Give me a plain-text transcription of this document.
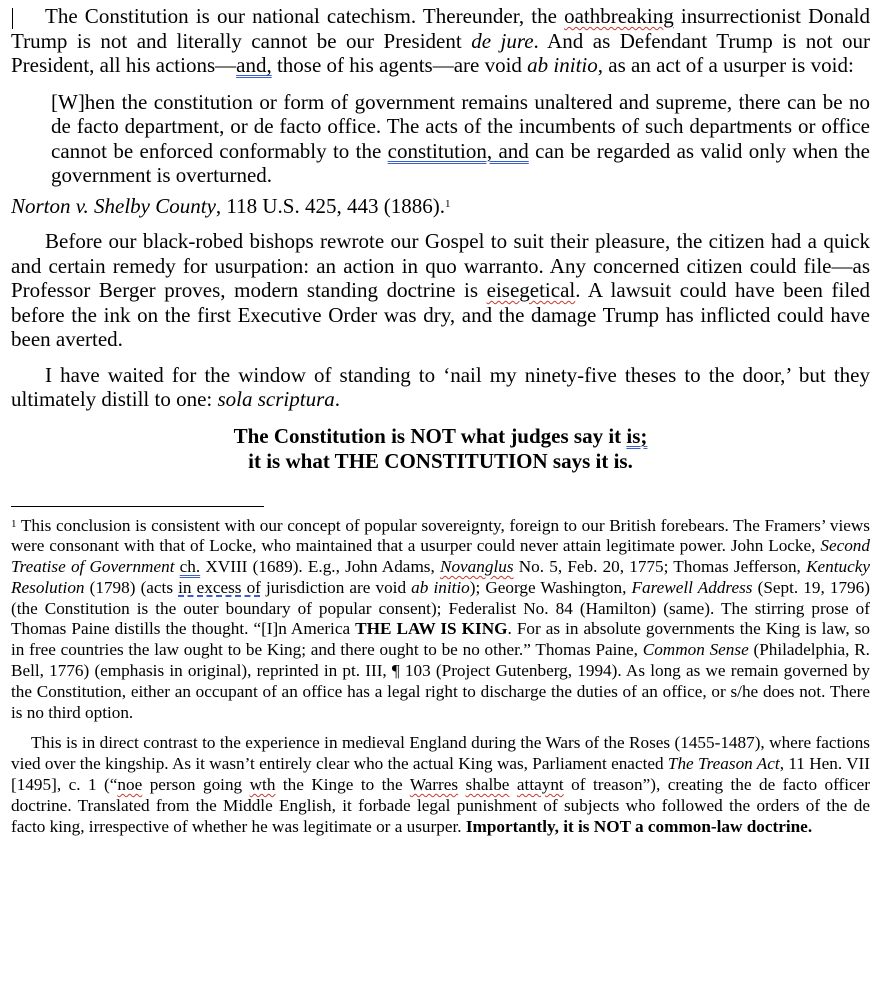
The Constitution is our national catechism. Thereunder, the oathbreaking insurrectionist Donald Trump is not and literally cannot be our President de jure. And as Defendant Trump is not our President, all his actions—and, those of his agents—are void ab initio, as an act of a usurper is void:

[W]hen the constitution or form of government remains unaltered and supreme, there can be no de facto department, or de facto office. The acts of the incumbents of such departments or office cannot be enforced conformably to the constitution, and can be regarded as valid only when the government is overturned.

Norton v. Shelby County, 118 U.S. 425, 443 (1886).$^1$

Before our black-robed bishops rewrote our Gospel to suit their pleasure, the citizen had a quick and certain remedy for usurpation: an action in quo warranto. Any concerned citizen could file—as Professor Berger proves, modern standing doctrine is eisegetical. A lawsuit could have been filed before the ink on the first Executive Order was dry, and the damage Trump has inflicted could have been averted.

I have waited for the window of standing to ‘nail my ninety-five theses to the door,’ but they ultimately distill to one: sola scriptura.

The Constitution is NOT what judges say it is;
it is what THE CONSTITUTION says it is.

$^1$ This conclusion is consistent with our concept of popular sovereignty, foreign to our British forebears. The Framers’ views were consonant with that of Locke, who maintained that a usurper could never attain legitimate power. John Locke, Second Treatise of Government ch. XVIII (1689). E.g., John Adams, Novanglus No. 5, Feb. 20, 1775; Thomas Jefferson, Kentucky Resolution (1798) (acts in excess of jurisdiction are void ab initio); George Washington, Farewell Address (Sept. 19, 1796) (the Constitution is the outer boundary of popular consent); Federalist No. 84 (Hamilton) (same). The stirring prose of Thomas Paine distills the thought. “[I]n America THE LAW IS KING. For as in absolute governments the King is law, so in free countries the law ought to be King; and there ought to be no other.” Thomas Paine, Common Sense (Philadelphia, R. Bell, 1776) (emphasis in original), reprinted in pt. III, ¶ 103 (Project Gutenberg, 1994). As long as we remain governed by the Constitution, either an occupant of an office has a legal right to discharge the duties of an office, or s/he does not. There is no third option.

This is in direct contrast to the experience in medieval England during the Wars of the Roses (1455-1487), where factions vied over the kingship. As it wasn’t entirely clear who the actual King was, Parliament enacted The Treason Act, 11 Hen. VII [1495], c. 1 (“noe person going wth the Kinge to the Warres shalbe attaynt of treason”), creating the de facto officer doctrine. Translated from the Middle English, it forbade legal punishment of subjects who followed the orders of the de facto king, irrespective of whether he was legitimate or a usurper. Importantly, it is NOT a common-law doctrine.
